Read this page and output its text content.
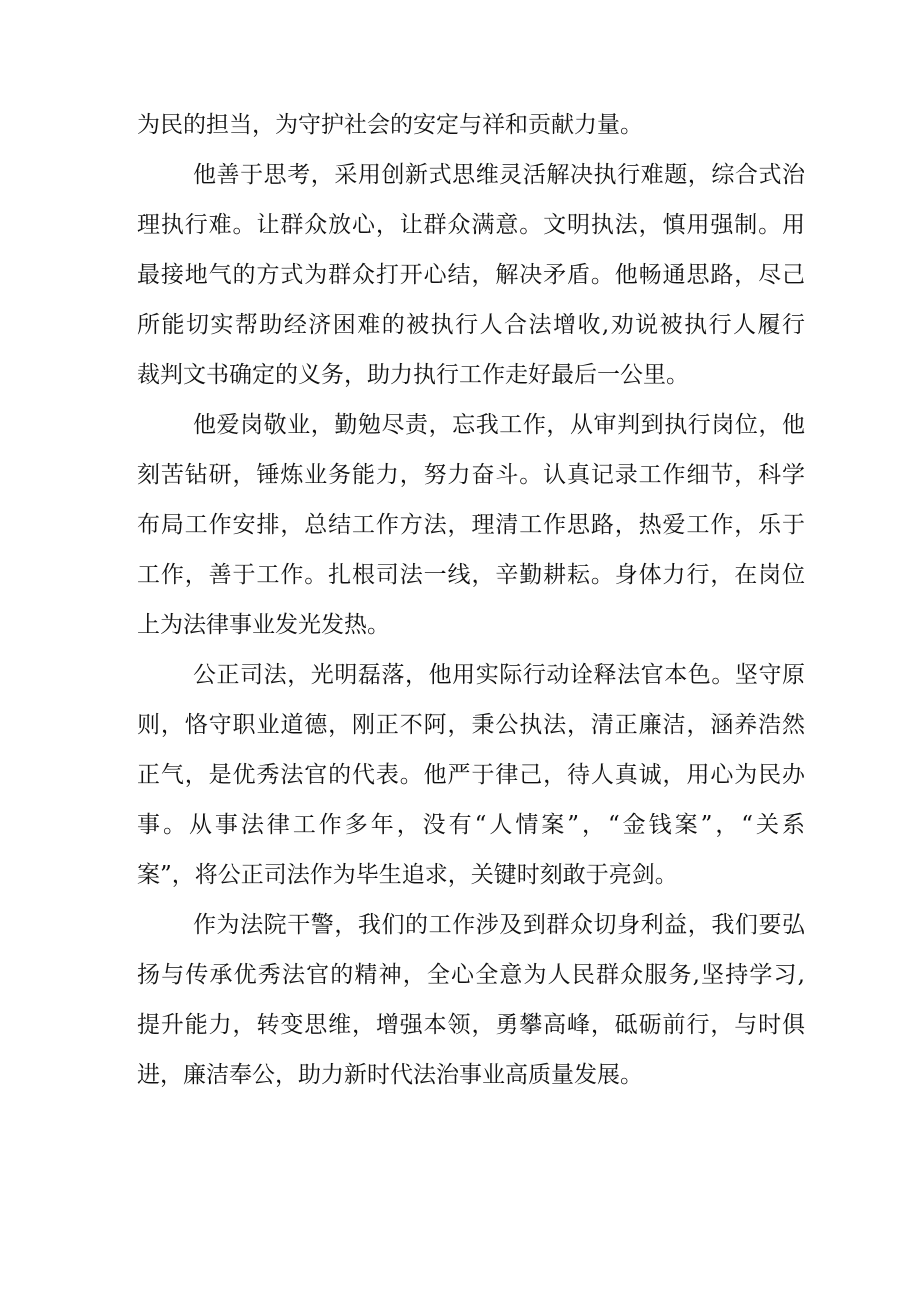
为民的担当，为守护社会的安定与祥和贡献力量。
他善于思考，采用创新式思维灵活解决执行难题，综合式治
理执行难。让群众放心，让群众满意。文明执法，慎用强制。用
最接地气的方式为群众打开心结，解决矛盾。他畅通思路，尽己
所能切实帮助经济困难的被执行人合法增收,劝说被执行人履行
裁判文书确定的义务，助力执行工作走好最后一公里。
他爱岗敬业，勤勉尽责，忘我工作，从审判到执行岗位，他
刻苦钻研，锤炼业务能力，努力奋斗。认真记录工作细节，科学
布局工作安排，总结工作方法，理清工作思路，热爱工作，乐于
工作，善于工作。扎根司法一线，辛勤耕耘。身体力行，在岗位
上为法律事业发光发热。
公正司法，光明磊落，他用实际行动诠释法官本色。坚守原
则，恪守职业道德，刚正不阿，秉公执法，清正廉洁，涵养浩然
正气，是优秀法官的代表。他严于律己，待人真诚，用心为民办
事。从事法律工作多年，没有“人情案”，“金钱案”，“关系
案”，将公正司法作为毕生追求，关键时刻敢于亮剑。
作为法院干警，我们的工作涉及到群众切身利益，我们要弘
扬与传承优秀法官的精神，全心全意为人民群众服务,坚持学习,
提升能力，转变思维，增强本领，勇攀高峰，砥砺前行，与时俱
进，廉洁奉公，助力新时代法治事业高质量发展。
